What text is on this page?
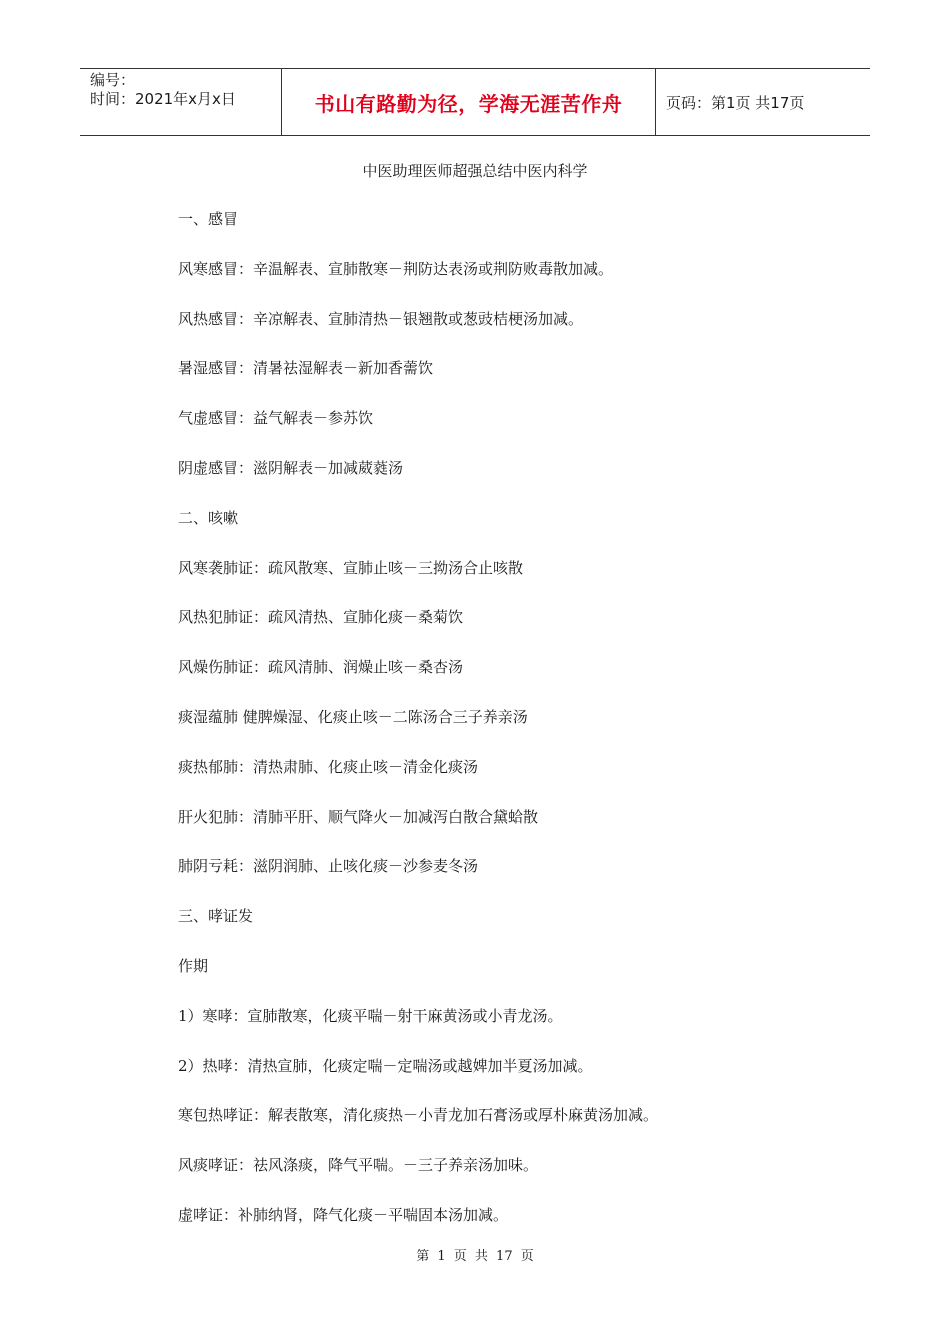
编号：
时间：2021年x月x日	书山有路勤为径，学海无涯苦作舟	页码：第1页 共17页
中医助理医师超强总结中医内科学
一、感冒
风寒感冒：辛温解表、宣肺散寒－荆防达表汤或荆防败毒散加减。
风热感冒：辛凉解表、宣肺清热－银翘散或葱豉桔梗汤加减。
暑湿感冒：清暑祛湿解表－新加香薷饮
气虚感冒：益气解表－参苏饮
阴虚感冒：滋阴解表－加减葳蕤汤
二、咳嗽
风寒袭肺证：疏风散寒、宣肺止咳－三拗汤合止咳散
风热犯肺证：疏风清热、宣肺化痰－桑菊饮
风燥伤肺证：疏风清肺、润燥止咳－桑杏汤
痰湿蕴肺 健脾燥湿、化痰止咳－二陈汤合三子养亲汤
痰热郁肺：清热肃肺、化痰止咳－清金化痰汤
肝火犯肺：清肺平肝、顺气降火－加减泻白散合黛蛤散
肺阴亏耗：滋阴润肺、止咳化痰－沙参麦冬汤
三、哮证发
作期
1）寒哮：宣肺散寒，化痰平喘－射干麻黄汤或小青龙汤。
2）热哮：清热宣肺，化痰定喘－定喘汤或越婢加半夏汤加减。
寒包热哮证：解表散寒，清化痰热－小青龙加石膏汤或厚朴麻黄汤加减。
风痰哮证：祛风涤痰，降气平喘。－三子养亲汤加味。
虚哮证：补肺纳肾，降气化痰－平喘固本汤加减。
第 1 页 共 17 页
